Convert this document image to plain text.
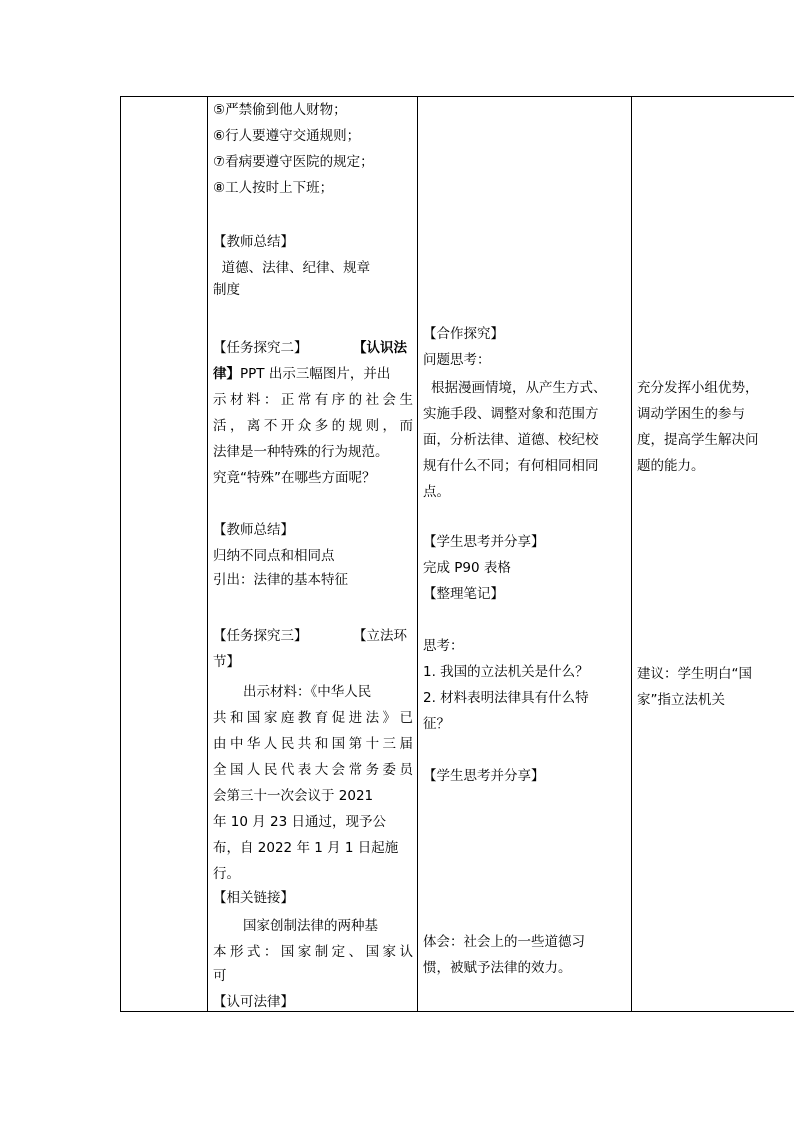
⑤严禁偷到他人财物；
⑥行人要遵守交通规则；
⑦看病要遵守医院的规定；
⑧工人按时上下班；
【教师总结】
道德、法律、纪律、规章
制度
【任务探究二】	【认识法
律】PPT 出示三幅图片，并出
示材料：正常有序的社会生
活，离不开众多的规则，而
法律是一种特殊的行为规范。
究竟“特殊”在哪些方面呢？
【教师总结】
归纳不同点和相同点
引出：法律的基本特征
【任务探究三】	【立法环
节】
出示材料：《中华人民
共和国家庭教育促进法》已
由中华人民共和国第十三届
全国人民代表大会常务委员
会第三十一次会议于 2021
年 10 月 23 日通过，现予公
布，自 2022 年 1 月 1 日起施
行。
【相关链接】
国家创制法律的两种基
本形式：国家制定、国家认
可
【认可法律】
【合作探究】
问题思考：
根据漫画情境，从产生方式、
实施手段、调整对象和范围方
面，分析法律、道德、校纪校
规有什么不同；有何相同相同
点。
【学生思考并分享】
完成 P90 表格
【整理笔记】
思考：
1. 我国的立法机关是什么？
2. 材料表明法律具有什么特
征？
【学生思考并分享】
体会：社会上的一些道德习
惯，被赋予法律的效力。
充分发挥小组优势，
调动学困生的参与
度，提高学生解决问
题的能力。
建议：学生明白“国
家”指立法机关
